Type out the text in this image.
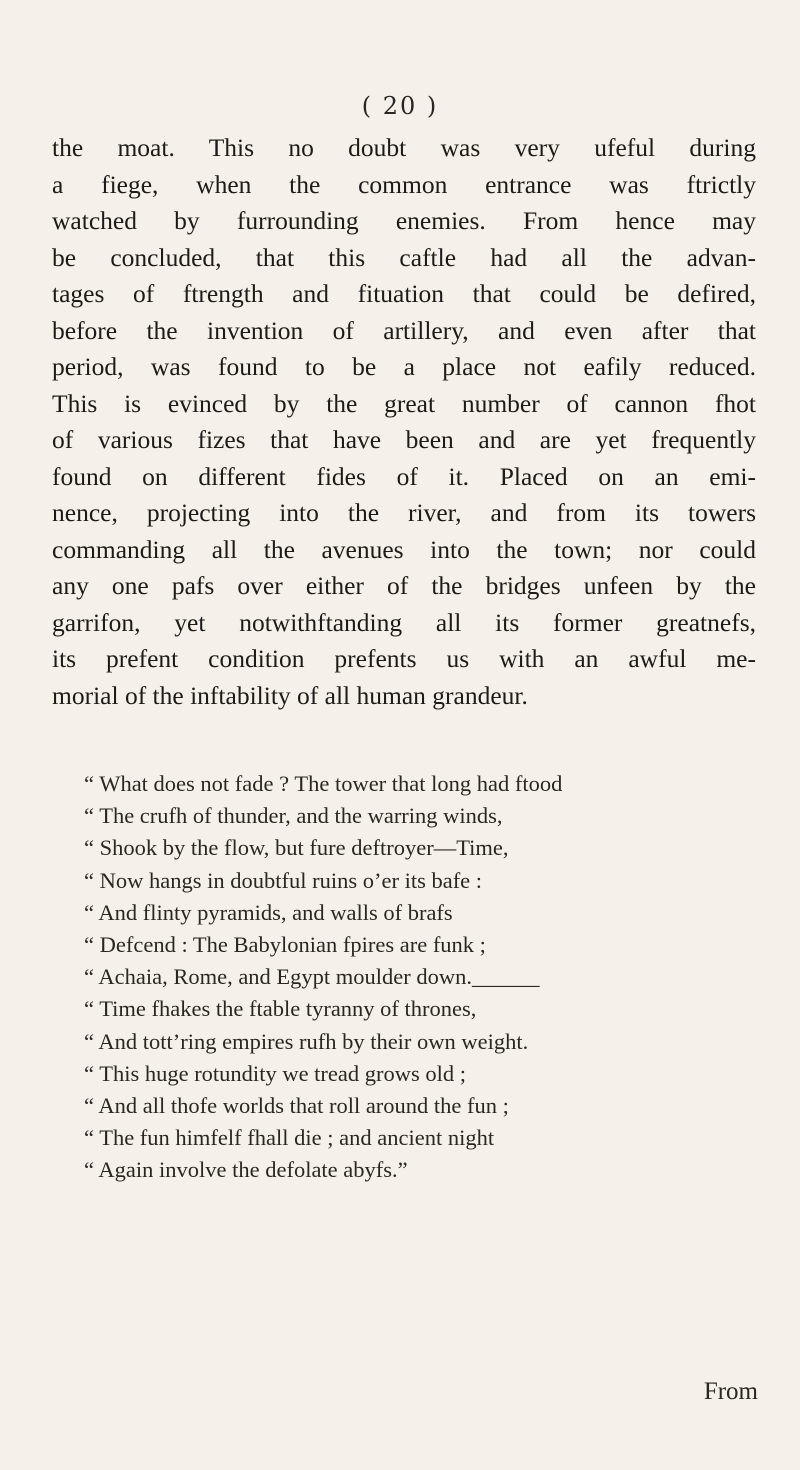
( 20 )
the moat. This no doubt was very ufeful during
a fiege, when the common entrance was ftrictly
watched by furrounding enemies. From hence may
be concluded, that this caftle had all the advan-
tages of ftrength and fituation that could be defired,
before the invention of artillery, and even after that
period, was found to be a place not eafily reduced.
This is evinced by the great number of cannon fhot
of various fizes that have been and are yet frequently
found on different fides of it. Placed on an emi-
nence, projecting into the river, and from its towers
commanding all the avenues into the town; nor could
any one pafs over either of the bridges unfeen by the
garrifon, yet notwithftanding all its former greatnefs,
its prefent condition prefents us with an awful me-
morial of the inftability of all human grandeur.
“ What does not fade ? The tower that long had ftood
“ The crufh of thunder, and the warring winds,
“ Shook by the flow, but fure deftroyer—Time,
“ Now hangs in doubtful ruins o’er its bafe :
“ And flinty pyramids, and walls of brafs
“ Defcend : The Babylonian fpires are funk ;
“ Achaia, Rome, and Egypt moulder down.______
“ Time fhakes the ftable tyranny of thrones,
“ And tott’ring empires rufh by their own weight.
“ This huge rotundity we tread grows old ;
“ And all thofe worlds that roll around the fun ;
“ The fun himfelf fhall die ; and ancient night
“ Again involve the defolate abyfs.”
From
